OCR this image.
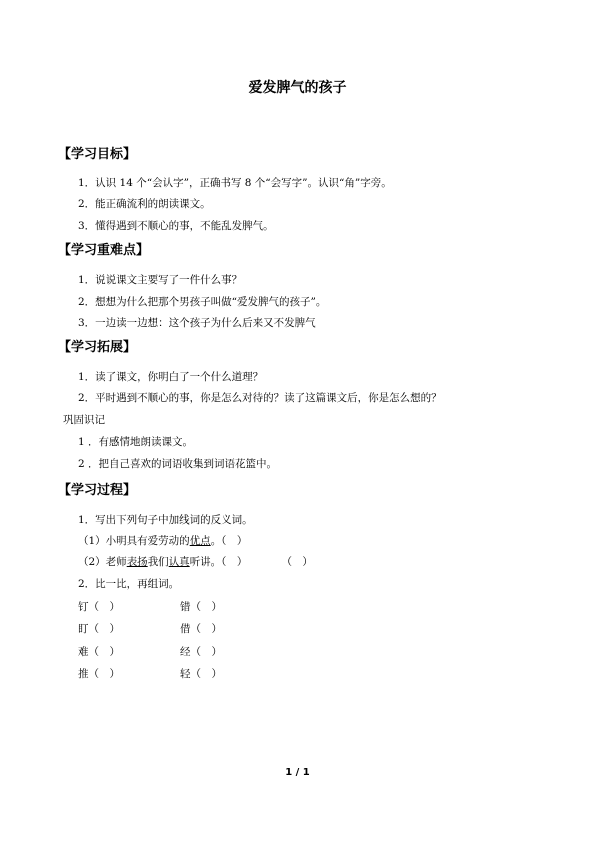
爱发脾气的孩子
【学习目标】
1．认识 14 个“会认字”，正确书写 8 个“会写字”。认识“角”字旁。
2．能正确流利的朗读课文。
3．懂得遇到不顺心的事，不能乱发脾气。
【学习重难点】
1．说说课文主要写了一件什么事？
2．想想为什么把那个男孩子叫做“爱发脾气的孩子”。
3．一边读一边想：这个孩子为什么后来又不发脾气
【学习拓展】
1．读了课文，你明白了一个什么道理？
2．平时遇到不顺心的事，你是怎么对待的？读了这篇课文后，你是怎么想的？
巩固识记
1 ．有感情地朗读课文。
2 ．把自己喜欢的词语收集到词语花篮中。
【学习过程】
1．写出下列句子中加线词的反义词。
（1）小明具有爱劳动的优点。（　）
（2）老师表扬我们认真听讲。（　）	（　）
2．比一比，再组词。
钉（　）	错（　）
盯（　）	借（　）
难（　）	经（　）
推（　）	轻（　）
1 / 1
